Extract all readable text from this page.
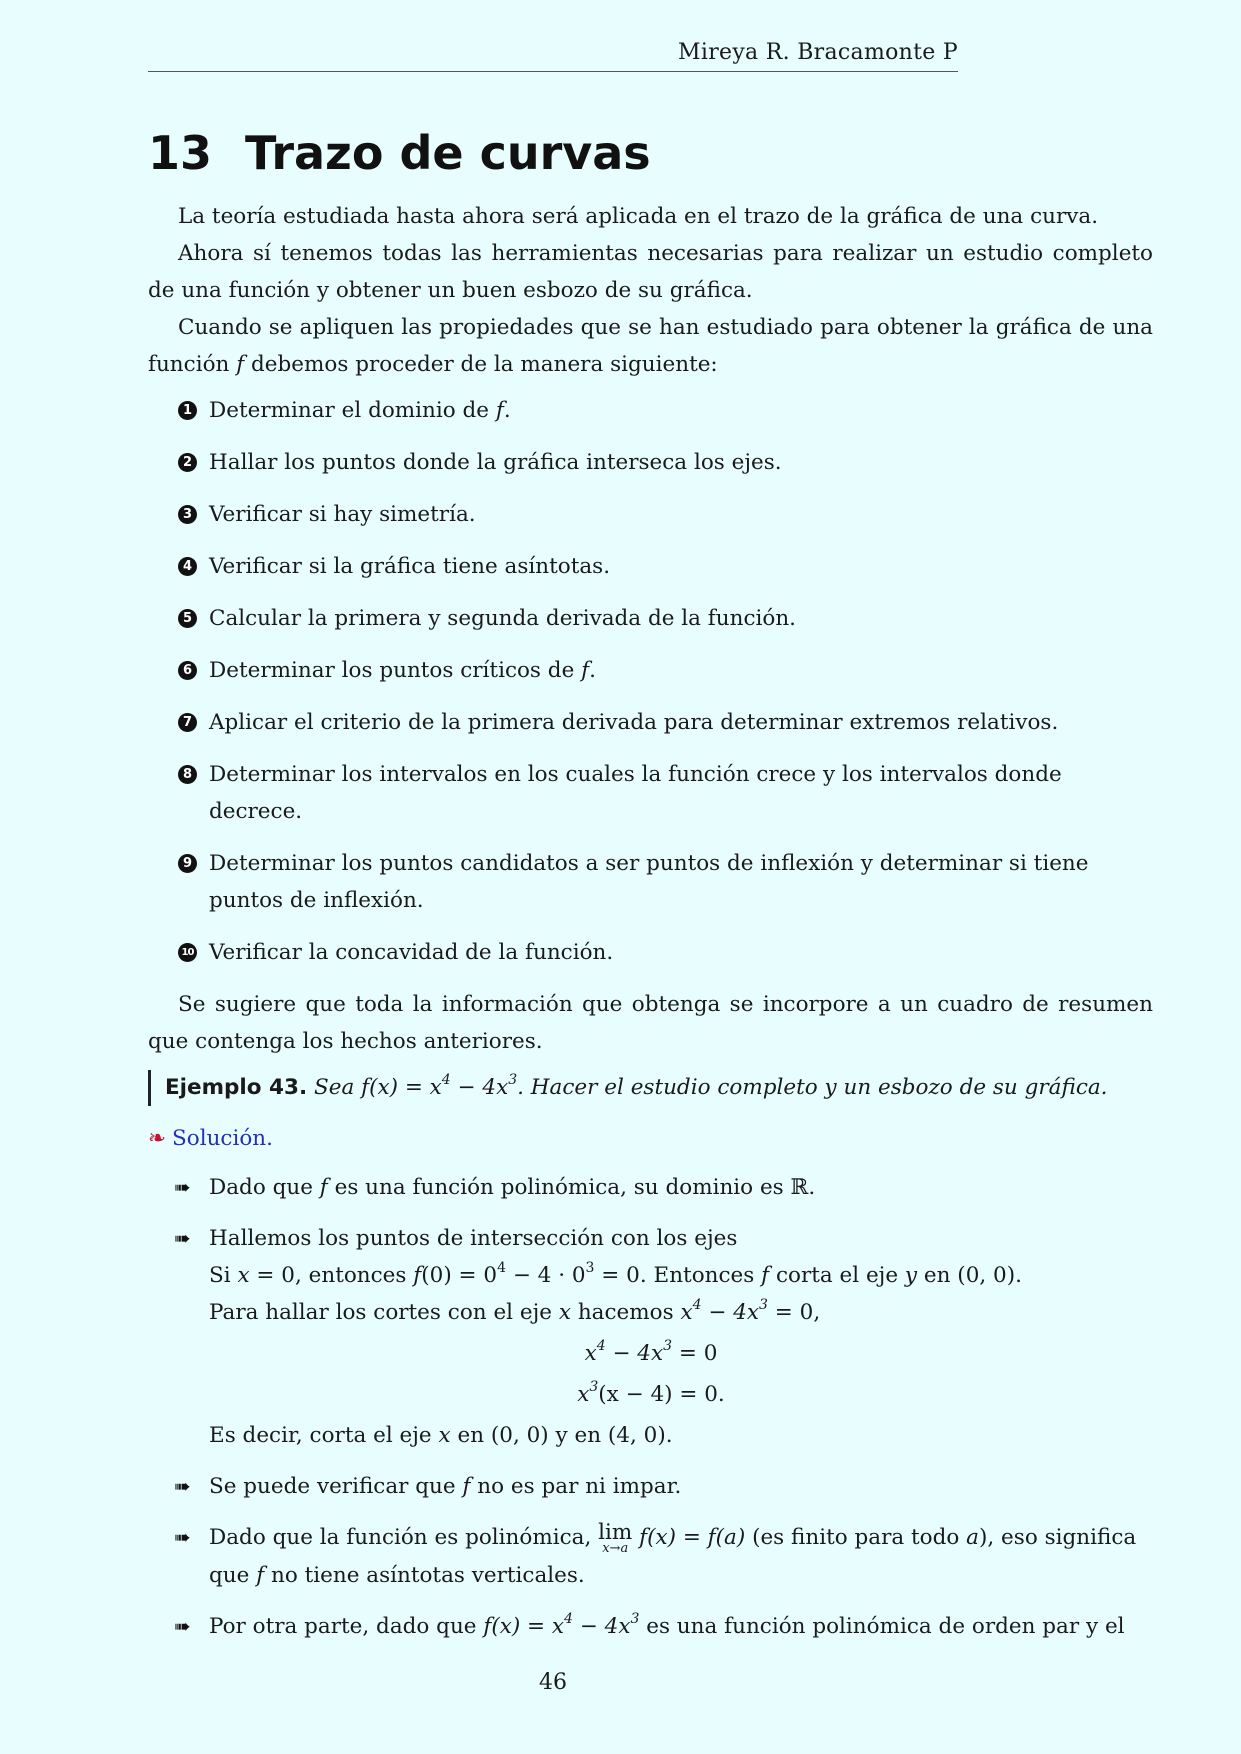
Mireya R. Bracamonte P
13 Trazo de curvas

La teoría estudiada hasta ahora será aplicada en el trazo de la gráfica de una curva.

Ahora sí tenemos todas las herramientas necesarias para realizar un estudio completo de una función y obtener un buen esbozo de su gráfica.

Cuando se apliquen las propiedades que se han estudiado para obtener la gráfica de una función f debemos proceder de la manera siguiente:

1 Determinar el dominio de f.
2 Hallar los puntos donde la gráfica interseca los ejes.
3 Verificar si hay simetría.
4 Verificar si la gráfica tiene asíntotas.
5 Calcular la primera y segunda derivada de la función.
6 Determinar los puntos críticos de f.
7 Aplicar el criterio de la primera derivada para determinar extremos relativos.
8 Determinar los intervalos en los cuales la función crece y los intervalos donde decrece.
9 Determinar los puntos candidatos a ser puntos de inflexión y determinar si tiene puntos de inflexión.
10 Verificar la concavidad de la función.

Se sugiere que toda la información que obtenga se incorpore a un cuadro de resumen que contenga los hechos anteriores.

Ejemplo 43. Sea $f(x) = x^4 - 4x^3$. Hacer el estudio completo y un esbozo de su gráfica.
❧ Solución.
➠ Dado que f es una función polinómica, su dominio es ℝ.
➠ Hallemos los puntos de intersección con los ejes
Si x = 0, entonces $f(0) = 0^4 - 4 \cdot 0^3 = 0$. Entonces f corta el eje y en (0, 0).
Para hallar los cortes con el eje x hacemos $x^4 - 4x^3 = 0$,
$x^4 - 4x^3 = 0$
$x^3(x - 4) = 0$.
Es decir, corta el eje x en (0, 0) y en (4, 0).
➠ Se puede verificar que f no es par ni impar.
➠ Dado que la función es polinómica, lim
x→a f(x) = f(a) (es finito para todo a), eso significa que f no tiene asíntotas verticales.
➠ Por otra parte, dado que $f(x) = x^4 - 4x^3$ es una función polinómica de orden par y el
46
